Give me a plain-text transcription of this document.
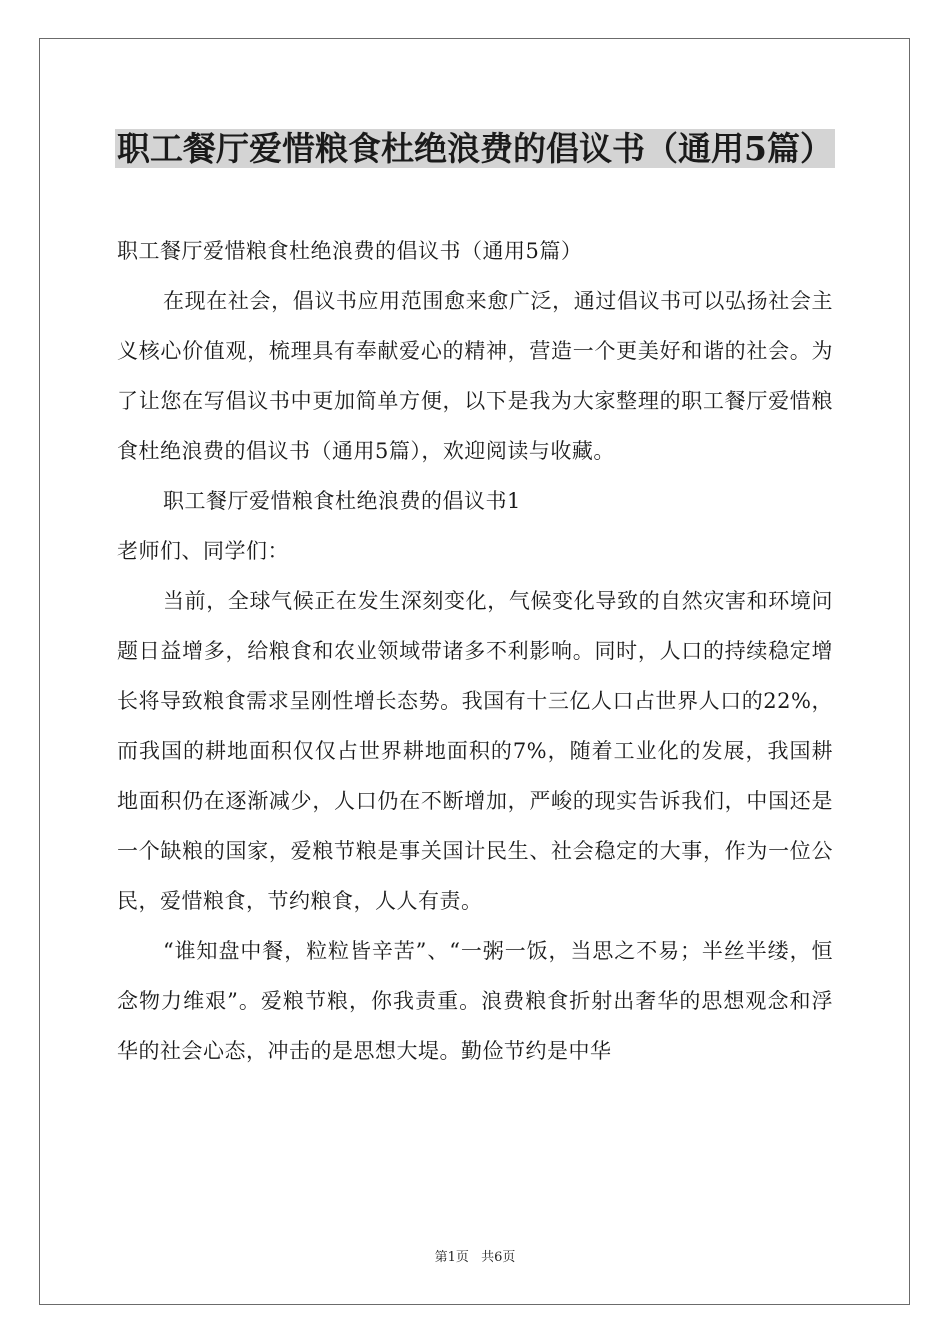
职工餐厅爱惜粮食杜绝浪费的倡议书（通用5篇）

职工餐厅爱惜粮食杜绝浪费的倡议书（通用5篇）

在现在社会，倡议书应用范围愈来愈广泛，通过倡议书可以弘扬社会主义核心价值观，梳理具有奉献爱心的精神，营造一个更美好和谐的社会。为了让您在写倡议书中更加简单方便，以下是我为大家整理的职工餐厅爱惜粮食杜绝浪费的倡议书（通用5篇），欢迎阅读与收藏。

职工餐厅爱惜粮食杜绝浪费的倡议书1

老师们、同学们：

当前，全球气候正在发生深刻变化，气候变化导致的自然灾害和环境问题日益增多，给粮食和农业领域带诸多不利影响。同时，人口的持续稳定增长将导致粮食需求呈刚性增长态势。我国有十三亿人口占世界人口的22%，而我国的耕地面积仅仅占世界耕地面积的7%，随着工业化的发展，我国耕地面积仍在逐渐减少，人口仍在不断增加，严峻的现实告诉我们，中国还是一个缺粮的国家，爱粮节粮是事关国计民生、社会稳定的大事，作为一位公民，爱惜粮食，节约粮食，人人有责。

“谁知盘中餐，粒粒皆辛苦”、“一粥一饭，当思之不易；半丝半缕，恒念物力维艰”。爱粮节粮，你我责重。浪费粮食折射出奢华的思想观念和浮华的社会心态，冲击的是思想大堤。勤俭节约是中华

第1页 共6页
